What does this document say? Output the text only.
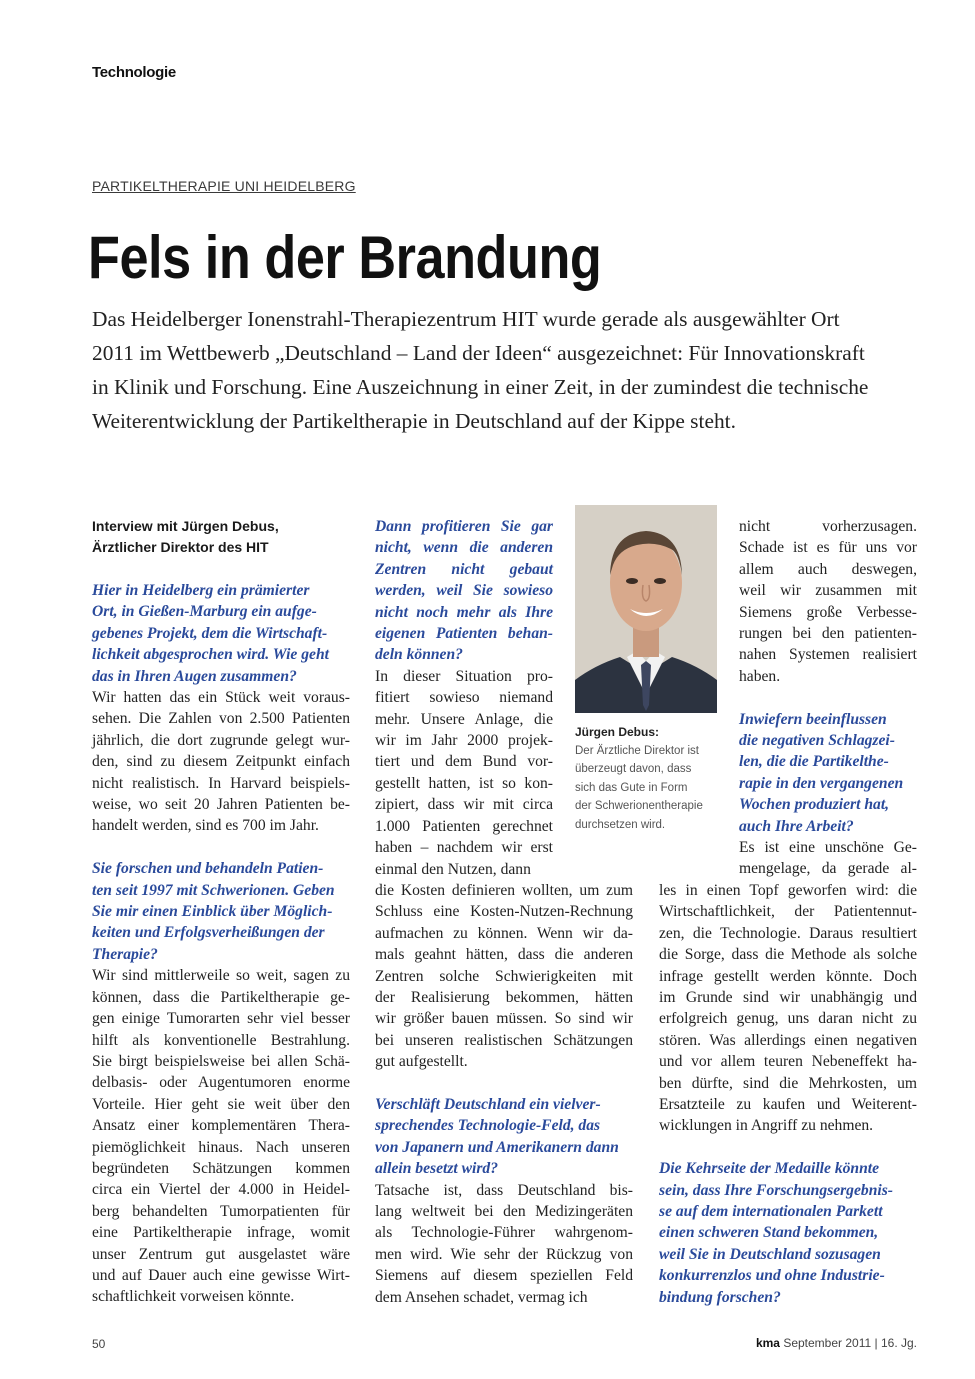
Technologie
PARTIKELTHERAPIE UNI HEIDELBERG
Fels in der Brandung
Das Heidelberger Ionenstrahl-Therapiezentrum HIT wurde gerade als ausgewählter Ort
2011 im Wettbewerb „Deutschland – Land der Ideen“ ausgezeichnet: Für Innovationskraft
in Klinik und Forschung. Eine Auszeichnung in einer Zeit, in der zumindest die technische
Weiterentwicklung der Partikeltherapie in Deutschland auf der Kippe steht.
Interview mit Jürgen Debus,
Ärztlicher Direktor des HIT
Hier in Heidelberg ein prämierter
Ort, in Gießen-Marburg ein aufge-
gebenes Projekt, dem die Wirtschaft-
lichkeit abgesprochen wird. Wie geht
das in Ihren Augen zusammen?
Wir hatten das ein Stück weit voraus-
sehen. Die Zahlen von 2.500 Patienten
jährlich, die dort zugrunde gelegt wur-
den, sind zu diesem Zeitpunkt einfach
nicht realistisch. In Harvard beispiels-
weise, wo seit 20 Jahren Patienten be-
handelt werden, sind es 700 im Jahr.
Sie forschen und behandeln Patien-
ten seit 1997 mit Schwerionen. Geben
Sie mir einen Einblick über Möglich-
keiten und Erfolgsverheißungen der
Therapie?
Wir sind mittlerweile so weit, sagen zu
können, dass die Partikeltherapie ge-
gen einige Tumorarten sehr viel besser
hilft als konventionelle Bestrahlung.
Sie birgt beispielsweise bei allen Schä-
delbasis- oder Augentumoren enorme
Vorteile. Hier geht sie weit über den
Ansatz einer komplementären Thera-
piemöglichkeit hinaus. Nach unseren
begründeten Schätzungen kommen
circa ein Viertel der 4.000 in Heidel-
berg behandelten Tumorpatienten für
eine Partikeltherapie infrage, womit
unser Zentrum gut ausgelastet wäre
und auf Dauer auch eine gewisse Wirt-
schaftlichkeit vorweisen könnte.
Dann profitieren Sie gar
nicht, wenn die anderen
Zentren nicht gebaut
werden, weil Sie sowieso
nicht noch mehr als Ihre
eigenen Patienten behan-
deln können?
In dieser Situation pro-
fitiert sowieso niemand
mehr. Unsere Anlage, die
wir im Jahr 2000 projek-
tiert und dem Bund vor-
gestellt hatten, ist so kon-
zipiert, dass wir mit circa
1.000 Patienten gerechnet
haben – nachdem wir erst
einmal den Nutzen, dann
die Kosten definieren wollten, um zum
Schluss eine Kosten-Nutzen-Rechnung
aufmachen zu können. Wenn wir da-
mals geahnt hätten, dass die anderen
Zentren solche Schwierigkeiten mit
der Realisierung bekommen, hätten
wir größer bauen müssen. So sind wir
bei unseren realistischen Schätzungen
gut aufgestellt.
Verschläft Deutschland ein vielver-
sprechendes Technologie-Feld, das
von Japanern und Amerikanern dann
allein besetzt wird?
Tatsache ist, dass Deutschland bis-
lang weltweit bei den Medizingeräten
als Technologie-Führer wahrgenom-
men wird. Wie sehr der Rückzug von
Siemens auf diesem speziellen Feld
dem Ansehen schadet, vermag ich
Jürgen Debus:
Der Ärztliche Direktor ist
überzeugt davon, dass
sich das Gute in Form
der Schwerionentherapie
durchsetzen wird.
nicht vorherzusagen.
Schade ist es für uns vor
allem auch deswegen,
weil wir zusammen mit
Siemens große Verbesse-
rungen bei den patienten-
nahen Systemen realisiert
haben.
Inwiefern beeinflussen
die negativen Schlagzei-
len, die die Partikelthe-
rapie in den vergangenen
Wochen produziert hat,
auch Ihre Arbeit?
Es ist eine unschöne Ge-
mengelage, da gerade al-
les in einen Topf geworfen wird: die
Wirtschaftlichkeit, der Patientennut-
zen, die Technologie. Daraus resultiert
die Sorge, dass die Methode als solche
infrage gestellt werden könnte. Doch
im Grunde sind wir unabhängig und
erfolgreich genug, uns daran nicht zu
stören. Was allerdings einen negativen
und vor allem teuren Nebeneffekt ha-
ben dürfte, sind die Mehrkosten, um
Ersatzteile zu kaufen und Weiterent-
wicklungen in Angriff zu nehmen.
Die Kehrseite der Medaille könnte
sein, dass Ihre Forschungsergebnis-
se auf dem internationalen Parkett
einen schweren Stand bekommen,
weil Sie in Deutschland sozusagen
konkurrenzlos und ohne Industrie-
bindung forschen?
50	kma September 2011 | 16. Jg.
